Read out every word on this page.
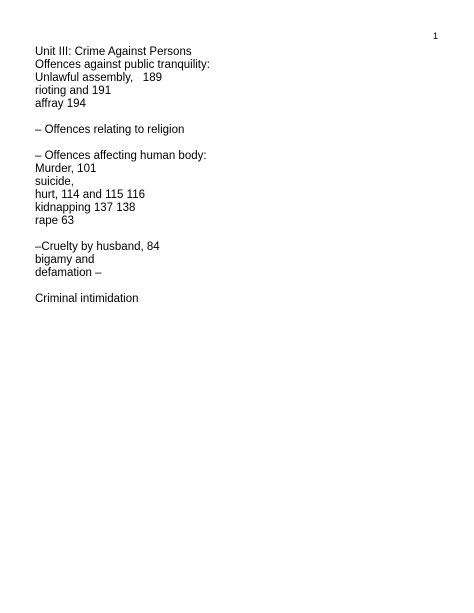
1
Unit III: Crime Against Persons
Offences against public tranquility:
Unlawful assembly,   189
rioting and 191
affray 194
– Offences relating to religion
– Offences affecting human body:
Murder, 101
suicide,
hurt, 114 and 115 116
kidnapping 137 138
rape 63
–Cruelty by husband, 84
bigamy and
defamation –
Criminal intimidation
